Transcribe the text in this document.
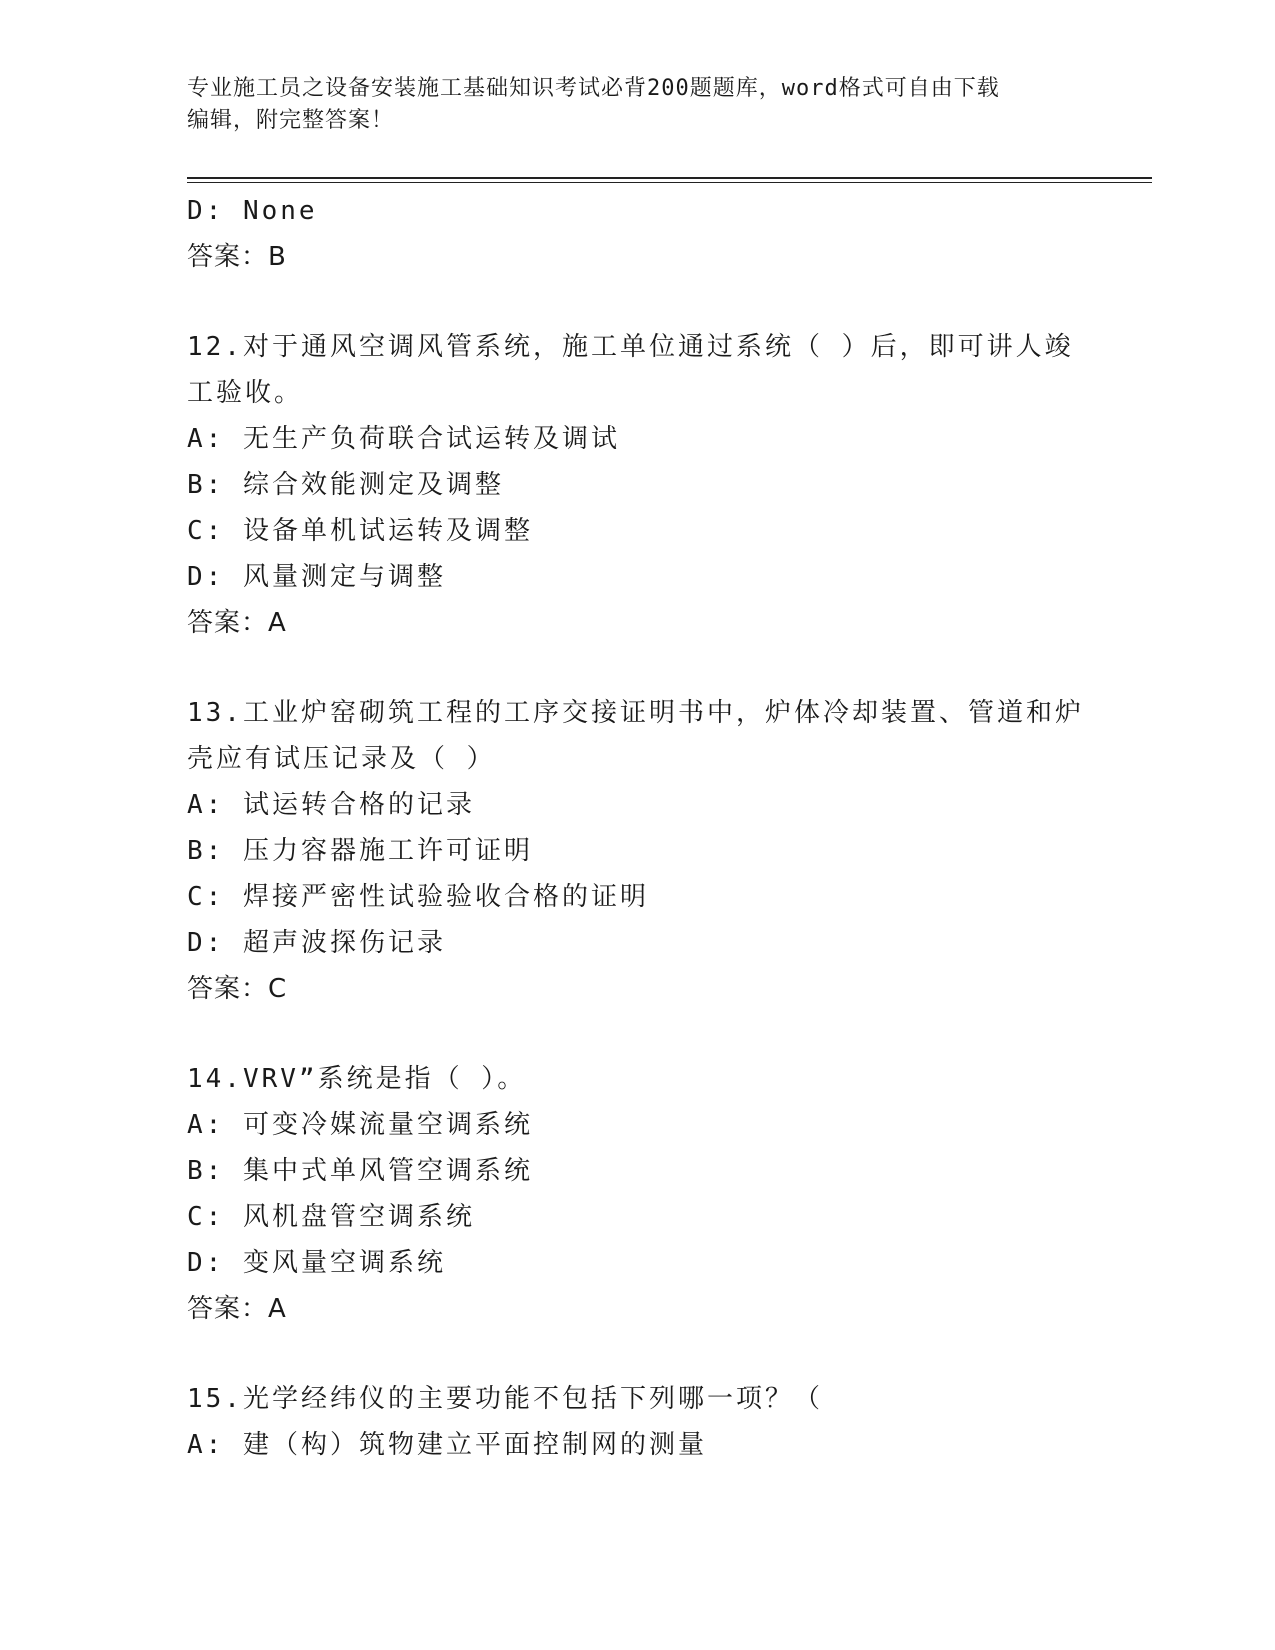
专业施工员之设备安装施工基础知识考试必背200题题库，word格式可自由下载
编辑，附完整答案！
D: None
答案：B
12.对于通风空调风管系统，施工单位通过系统（ ）后，即可讲人竣
工验收。
A: 无生产负荷联合试运转及调试
B: 综合效能测定及调整
C: 设备单机试运转及调整
D: 风量测定与调整
答案：A
13.工业炉窑砌筑工程的工序交接证明书中，炉体冷却装置、管道和炉
壳应有试压记录及（ ）
A: 试运转合格的记录
B: 压力容器施工许可证明
C: 焊接严密性试验验收合格的证明
D: 超声波探伤记录
答案：C
14.VRV”系统是指（ ）。
A: 可变冷媒流量空调系统
B: 集中式单风管空调系统
C: 风机盘管空调系统
D: 变风量空调系统
答案：A
15.光学经纬仪的主要功能不包括下列哪一项？（
A: 建（构）筑物建立平面控制网的测量
